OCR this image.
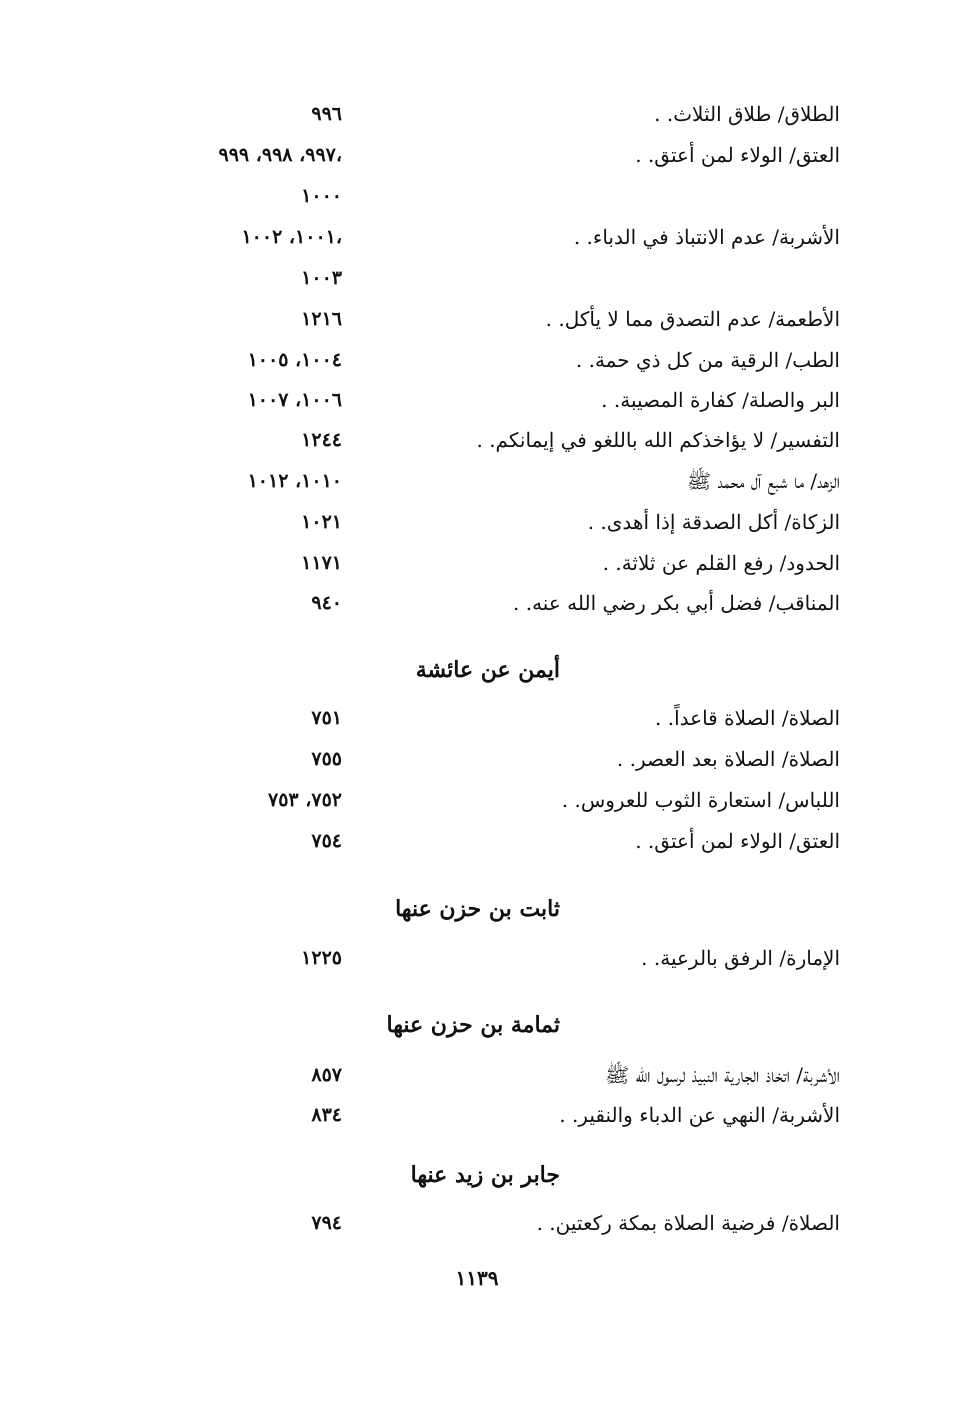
الطلاق/ طلاق الثلاث. .
٩٩٦
العتق/ الولاء لمن أعتق. .
٩٩٧، ٩٩٨، ٩٩٩،
١٠٠٠
الأشربة/ عدم الانتباذ في الدباء. .
١٠٠١، ١٠٠٢،
١٠٠٣
الأطعمة/ عدم التصدق مما لا يأكل. .
١٢١٦
الطب/ الرقية من كل ذي حمة. .
١٠٠٤، ١٠٠٥
البر والصلة/ كفارة المصيبة. .
١٠٠٦، ١٠٠٧
التفسير/ لا يؤاخذكم الله باللغو في إيمانكم. .
١٢٤٤
الزهد/ ما شبع آل محمد ﷺ
١٠١٠، ١٠١٢
الزكاة/ أكل الصدقة إذا أهدى. .
١٠٢١
الحدود/ رفع القلم عن ثلاثة. .
١١٧١
المناقب/ فضل أبي بكر رضي الله عنه. .
٩٤٠
أيمن عن عائشة
الصلاة/ الصلاة قاعداً. .
٧٥١
الصلاة/ الصلاة بعد العصر. .
٧٥٥
اللباس/ استعارة الثوب للعروس. .
٧٥٢، ٧٥٣
العتق/ الولاء لمن أعتق. .
٧٥٤
ثابت بن حزن عنها
الإمارة/ الرفق بالرعية. .
١٢٢٥
ثمامة بن حزن عنها
الأشربة/ اتخاذ الجارية النبيذ لرسول الله ﷺ
٨٥٧
الأشربة/ النهي عن الدباء والنقير. .
٨٣٤
جابر بن زيد عنها
الصلاة/ فرضية الصلاة بمكة ركعتين. .
٧٩٤
١١٣٩
